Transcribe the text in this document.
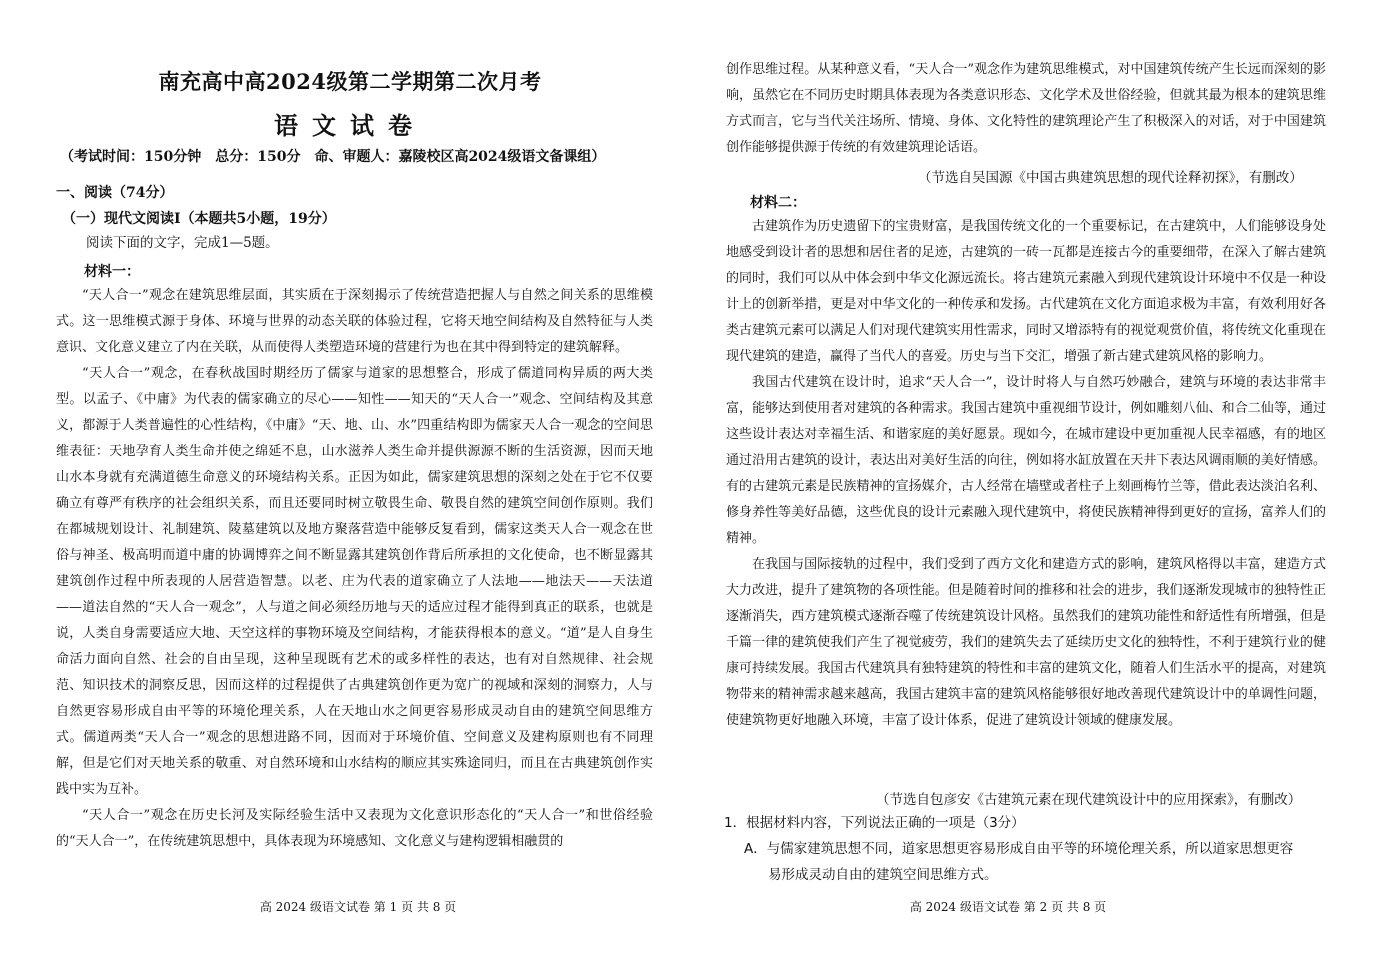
南充高中高2024级第二学期第二次月考
语文试卷
（考试时间：150分钟　总分：150分　命、审题人：嘉陵校区高2024级语文备课组）
一、阅读（74分）
（一）现代文阅读Ⅰ（本题共5小题，19分）
阅读下面的文字，完成1—5题。
材料一：

“天人合一”观念在建筑思维层面，其实质在于深刻揭示了传统营造把握人与自然之间关系的思维模式。这一思维模式源于身体、环境与世界的动态关联的体验过程，它将天地空间结构及自然特征与人类意识、文化意义建立了内在关联，从而使得人类塑造环境的营建行为也在其中得到特定的建筑解释。

“天人合一”观念，在春秋战国时期经历了儒家与道家的思想整合，形成了儒道同构异质的两大类型。以孟子、《中庸》为代表的儒家确立的尽心——知性——知天的“天人合一”观念、空间结构及其意义，都源于人类普遍性的心性结构，《中庸》“天、地、山、水”四重结构即为儒家天人合一观念的空间思维表征：天地孕育人类生命并使之绵延不息，山水滋养人类生命并提供源源不断的生活资源，因而天地山水本身就有充满道德生命意义的环境结构关系。正因为如此，儒家建筑思想的深刻之处在于它不仅要确立有尊严有秩序的社会组织关系，而且还要同时树立敬畏生命、敬畏自然的建筑空间创作原则。我们在都城规划设计、礼制建筑、陵墓建筑以及地方聚落营造中能够反复看到，儒家这类天人合一观念在世俗与神圣、极高明而道中庸的协调博弈之间不断显露其建筑创作背后所承担的文化使命，也不断显露其建筑创作过程中所表现的人居营造智慧。以老、庄为代表的道家确立了人法地——地法天——天法道——道法自然的“天人合一观念”，人与道之间必须经历地与天的适应过程才能得到真正的联系，也就是说，人类自身需要适应大地、天空这样的事物环境及空间结构，才能获得根本的意义。“道”是人自身生命活力面向自然、社会的自由呈现，这种呈现既有艺术的或多样性的表达，也有对自然规律、社会规范、知识技术的洞察反思，因而这样的过程提供了古典建筑创作更为宽广的视域和深刻的洞察力，人与自然更容易形成自由平等的环境伦理关系，人在天地山水之间更容易形成灵动自由的建筑空间思维方式。儒道两类“天人合一”观念的思想进路不同，因而对于环境价值、空间意义及建构原则也有不同理解，但是它们对天地关系的敬重、对自然环境和山水结构的顺应其实殊途同归，而且在古典建筑创作实践中实为互补。

“天人合一”观念在历史长河及实际经验生活中又表现为文化意识形态化的“天人合一”和世俗经验的“天人合一”，在传统建筑思想中，具体表现为环境感知、文化意义与建构逻辑相融贯的

高 2024 级语文试卷 第 1 页 共 8 页

创作思维过程。从某种意义看，“天人合一”观念作为建筑思维模式，对中国建筑传统产生长远而深刻的影响，虽然它在不同历史时期具体表现为各类意识形态、文化学术及世俗经验，但就其最为根本的建筑思维方式而言，它与当代关注场所、情境、身体、文化特性的建筑理论产生了积极深入的对话，对于中国建筑创作能够提供源于传统的有效建筑理论话语。

（节选自吴国源《中国古典建筑思想的现代诠释初探》，有删改）
材料二：

古建筑作为历史遗留下的宝贵财富，是我国传统文化的一个重要标记，在古建筑中，人们能够设身处地感受到设计者的思想和居住者的足迹，古建筑的一砖一瓦都是连接古今的重要细带，在深入了解古建筑的同时，我们可以从中体会到中华文化源远流长。将古建筑元素融入到现代建筑设计环境中不仅是一种设计上的创新举措，更是对中华文化的一种传承和发扬。古代建筑在文化方面追求极为丰富，有效利用好各类古建筑元素可以满足人们对现代建筑实用性需求，同时又增添特有的视觉观赏价值，将传统文化重现在现代建筑的建造，赢得了当代人的喜爱。历史与当下交汇，增强了新古建式建筑风格的影响力。

我国古代建筑在设计时，追求“天人合一”，设计时将人与自然巧妙融合，建筑与环境的表达非常丰富，能够达到使用者对建筑的各种需求。我国古建筑中重视细节设计，例如雕刻八仙、和合二仙等，通过这些设计表达对幸福生活、和谐家庭的美好愿景。现如今，在城市建设中更加重视人民幸福感，有的地区通过沿用古建筑的设计，表达出对美好生活的向往，例如将水缸放置在天井下表达风调雨顺的美好情感。有的古建筑元素是民族精神的宣扬媒介，古人经常在墙壁或者柱子上刻画梅竹兰等，借此表达淡泊名利、修身养性等美好品德，这些优良的设计元素融入现代建筑中，将使民族精神得到更好的宣扬，富养人们的精神。

在我国与国际接轨的过程中，我们受到了西方文化和建造方式的影响，建筑风格得以丰富，建造方式大力改进，提升了建筑物的各项性能。但是随着时间的推移和社会的进步，我们逐渐发现城市的独特性正逐渐消失，西方建筑模式逐渐吞噬了传统建筑设计风格。虽然我们的建筑功能性和舒适性有所增强，但是千篇一律的建筑使我们产生了视觉疲劳，我们的建筑失去了延续历史文化的独特性，不利于建筑行业的健康可持续发展。我国古代建筑具有独特建筑的特性和丰富的建筑文化，随着人们生活水平的提高，对建筑物带来的精神需求越来越高，我国古建筑丰富的建筑风格能够很好地改善现代建筑设计中的单调性问题，使建筑物更好地融入环境，丰富了设计体系，促进了建筑设计领域的健康发展。

（节选自包彦安《古建筑元素在现代建筑设计中的应用探索》，有删改）
1．根据材料内容，下列说法正确的一项是（3分）
A．与儒家建筑思想不同，道家思想更容易形成自由平等的环境伦理关系，所以道家思想更容
易形成灵动自由的建筑空间思维方式。
高 2024 级语文试卷 第 2 页 共 8 页
